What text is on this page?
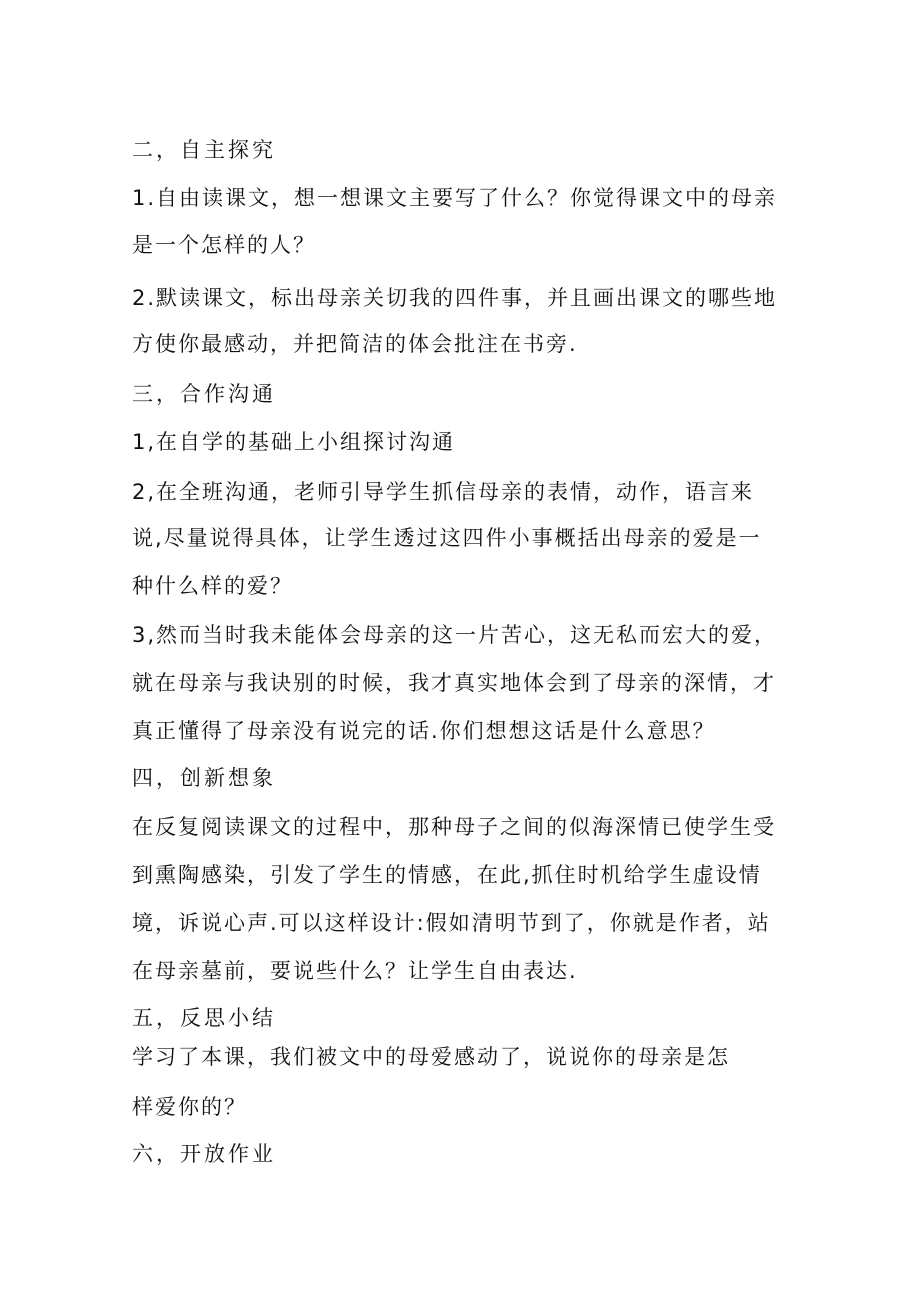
二，自主探究
1.自由读课文，想一想课文主要写了什么？你觉得课文中的母亲
是一个怎样的人？
2.默读课文，标出母亲关切我的四件事，并且画出课文的哪些地
方使你最感动，并把简洁的体会批注在书旁.
三，合作沟通
1,在自学的基础上小组探讨沟通
2,在全班沟通，老师引导学生抓信母亲的表情，动作，语言来
说,尽量说得具体，让学生透过这四件小事概括出母亲的爱是一
种什么样的爱？
3,然而当时我未能体会母亲的这一片苦心，这无私而宏大的爱，
就在母亲与我诀别的时候，我才真实地体会到了母亲的深情，才
真正懂得了母亲没有说完的话.你们想想这话是什么意思？
四，创新想象
在反复阅读课文的过程中，那种母子之间的似海深情已使学生受
到熏陶感染，引发了学生的情感，在此,抓住时机给学生虚设情
境，诉说心声.可以这样设计:假如清明节到了，你就是作者，站
在母亲墓前，要说些什么？让学生自由表达.
五，反思小结
学习了本课，我们被文中的母爱感动了，说说你的母亲是怎
样爱你的？
六，开放作业
